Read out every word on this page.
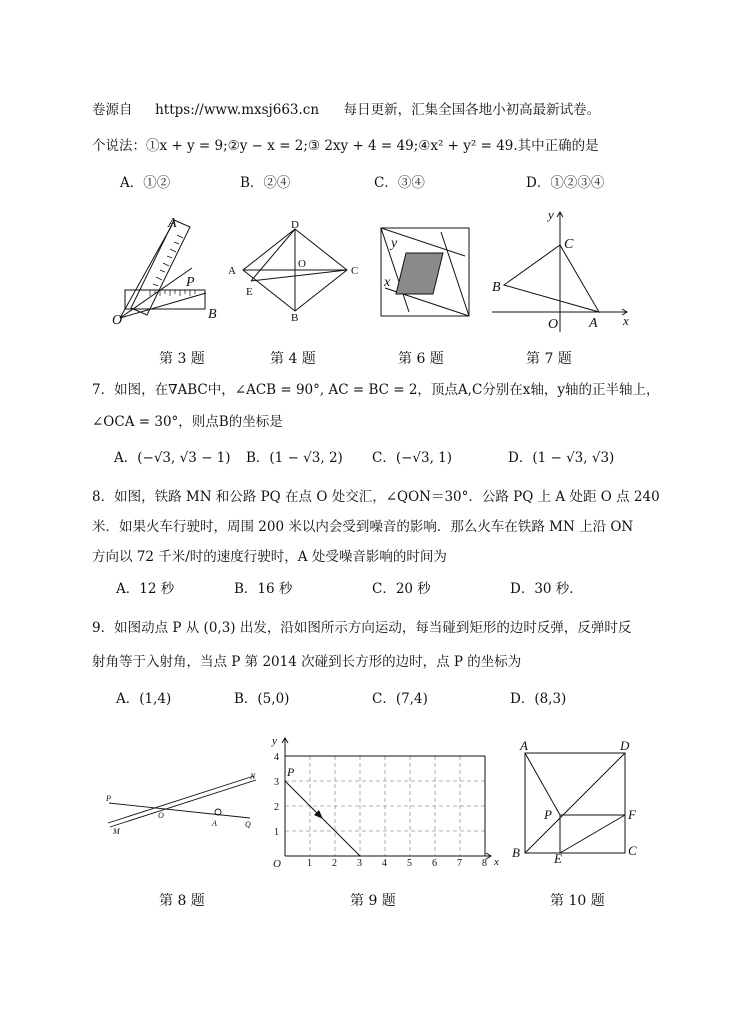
卷源自 https://www.mxsj663.cn 每日更新，汇集全国各地小初高最新试卷。
个说法：①x + y = 9;②y − x = 2;③ 2xy + 4 = 49;④x² + y² = 49.其中正确的是
A．①②	B．②④	C．③④	D．①②③④
A
P
O	B
第 3 题
D
A
O
C
E
B
第 4 题
y
x
第 6 题
y
C
B
O A x
第 7 题
7．如图，在∇ABC中，∠ACB = 90°, AC = BC = 2，顶点A,C分别在x轴，y轴的正半轴上，
∠OCA = 30°，则点B的坐标是
A．(−√3, √3 − 1) B．(1 − √3, 2) C．(−√3, 1)	D．(1 − √3, √3)
8．如图，铁路 MN 和公路 PQ 在点 O 处交汇，∠QON＝30°．公路 PQ 上 A 处距 O 点 240
米．如果火车行驶时，周围 200 米以内会受到噪音的影响．那么火车在铁路 MN 上沿 ON
方向以 72 千米/时的速度行驶时，A 处受噪音影响的时间为
A．12 秒	B．16 秒	C．20 秒	D．30 秒．
9．如图动点 P 从 (0,3) 出发，沿如图所示方向运动，每当碰到矩形的边时反弹，反弹时反
射角等于入射角，当点 P 第 2014 次碰到长方形的边时，点 P 的坐标为
A．(1,4)	B．(5,0)	C．(7,4)	D．(8,3)
P
N
M
O
A	Q
第 8 题
y
x
O
P
1 2 3 4 5 6 7 8
1
2
3
4
第 9 题
A	D
P	F
B	E
C
第 10 题
